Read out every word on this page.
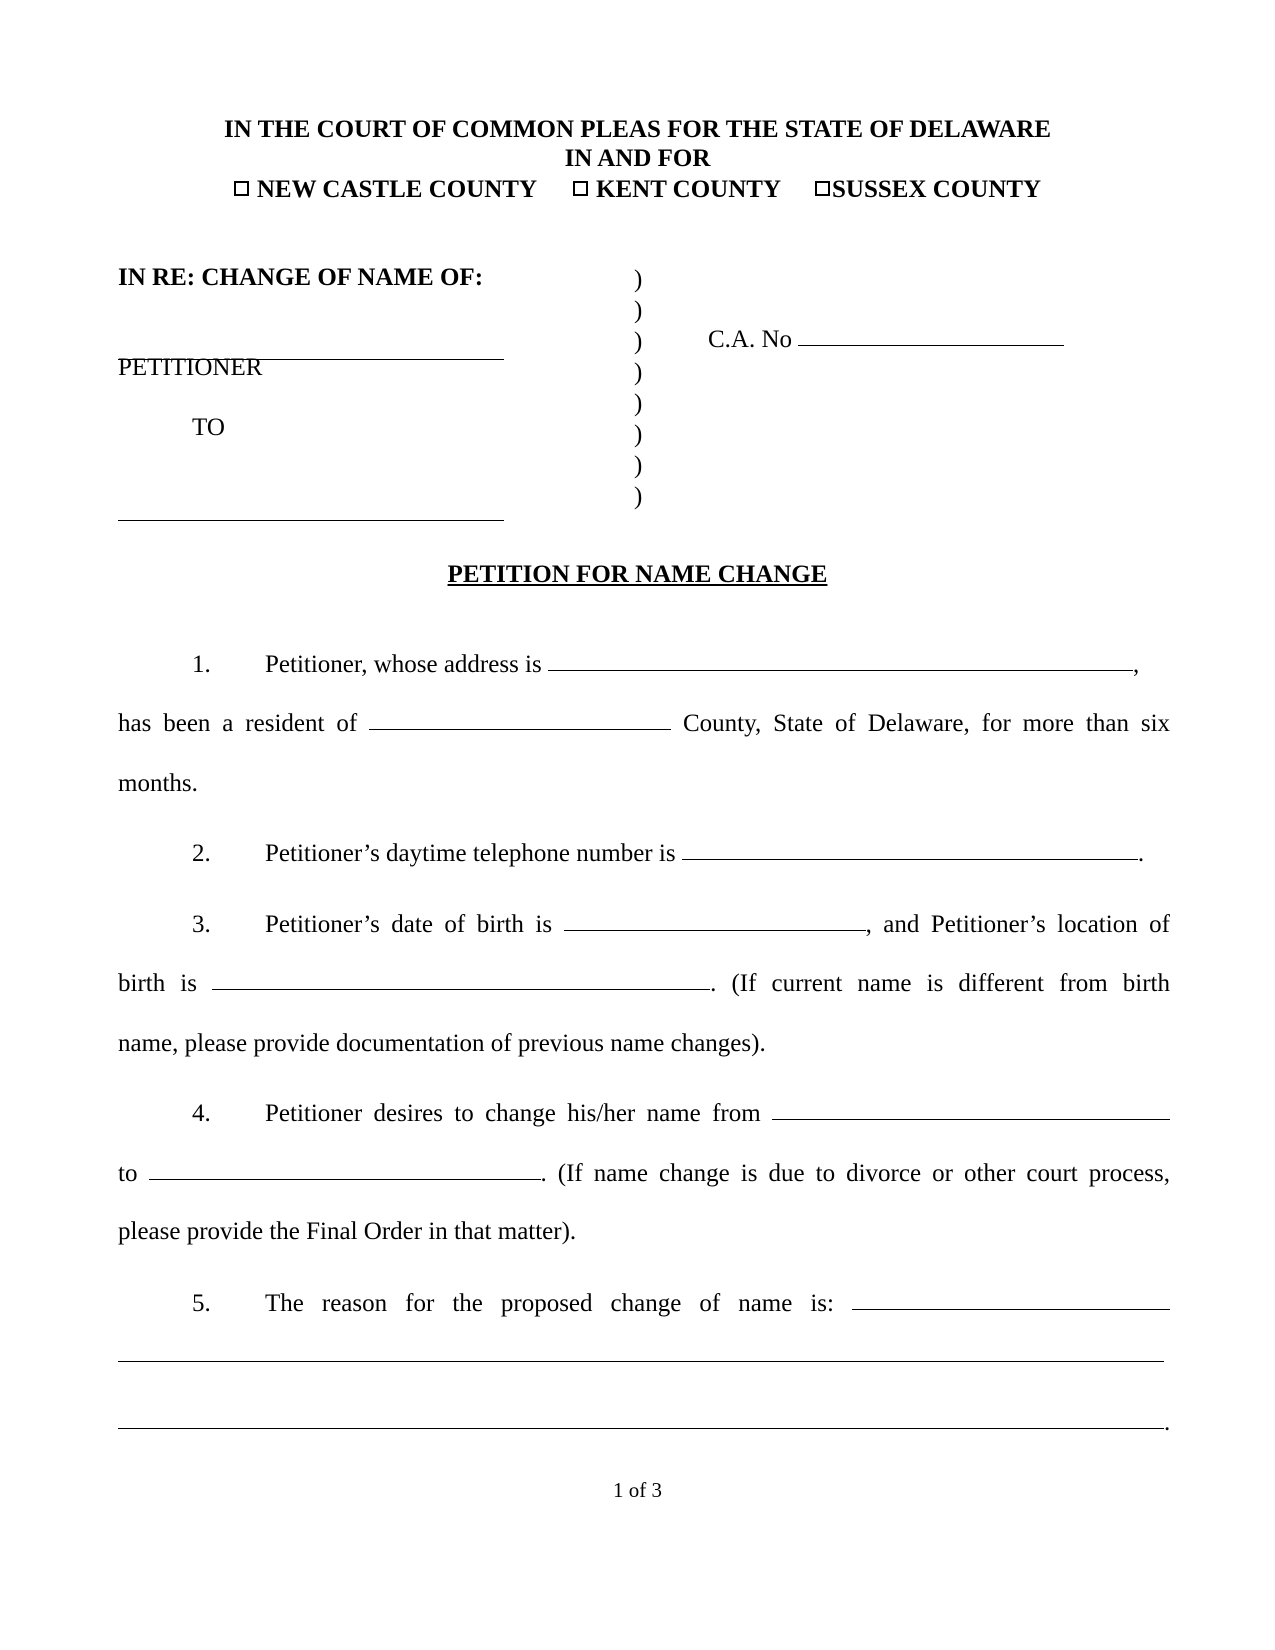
IN THE COURT OF COMMON PLEAS FOR THE STATE OF DELAWARE
IN AND FOR
NEW CASTLE COUNTY KENT COUNTY SUSSEX COUNTY
IN RE: CHANGE OF NAME OF:
PETITIONER
TO
)
)
)
)
)
)
)
)
C.A. No
PETITION FOR NAME CHANGE
1. Petitioner, whose address is	,
has been a resident of	County, State of Delaware, for more than six
months.
2. Petitioner’s daytime telephone number is	.
3. Petitioner’s date of birth is	, and Petitioner’s location of
birth is	. (If current name is different from birth
name, please provide documentation of previous name changes).
4. Petitioner desires to change his/her name from
to	. (If name change is due to divorce or other court process,
please provide the Final Order in that matter).
5. The reason for the proposed change of name is:
.
1 of 3
